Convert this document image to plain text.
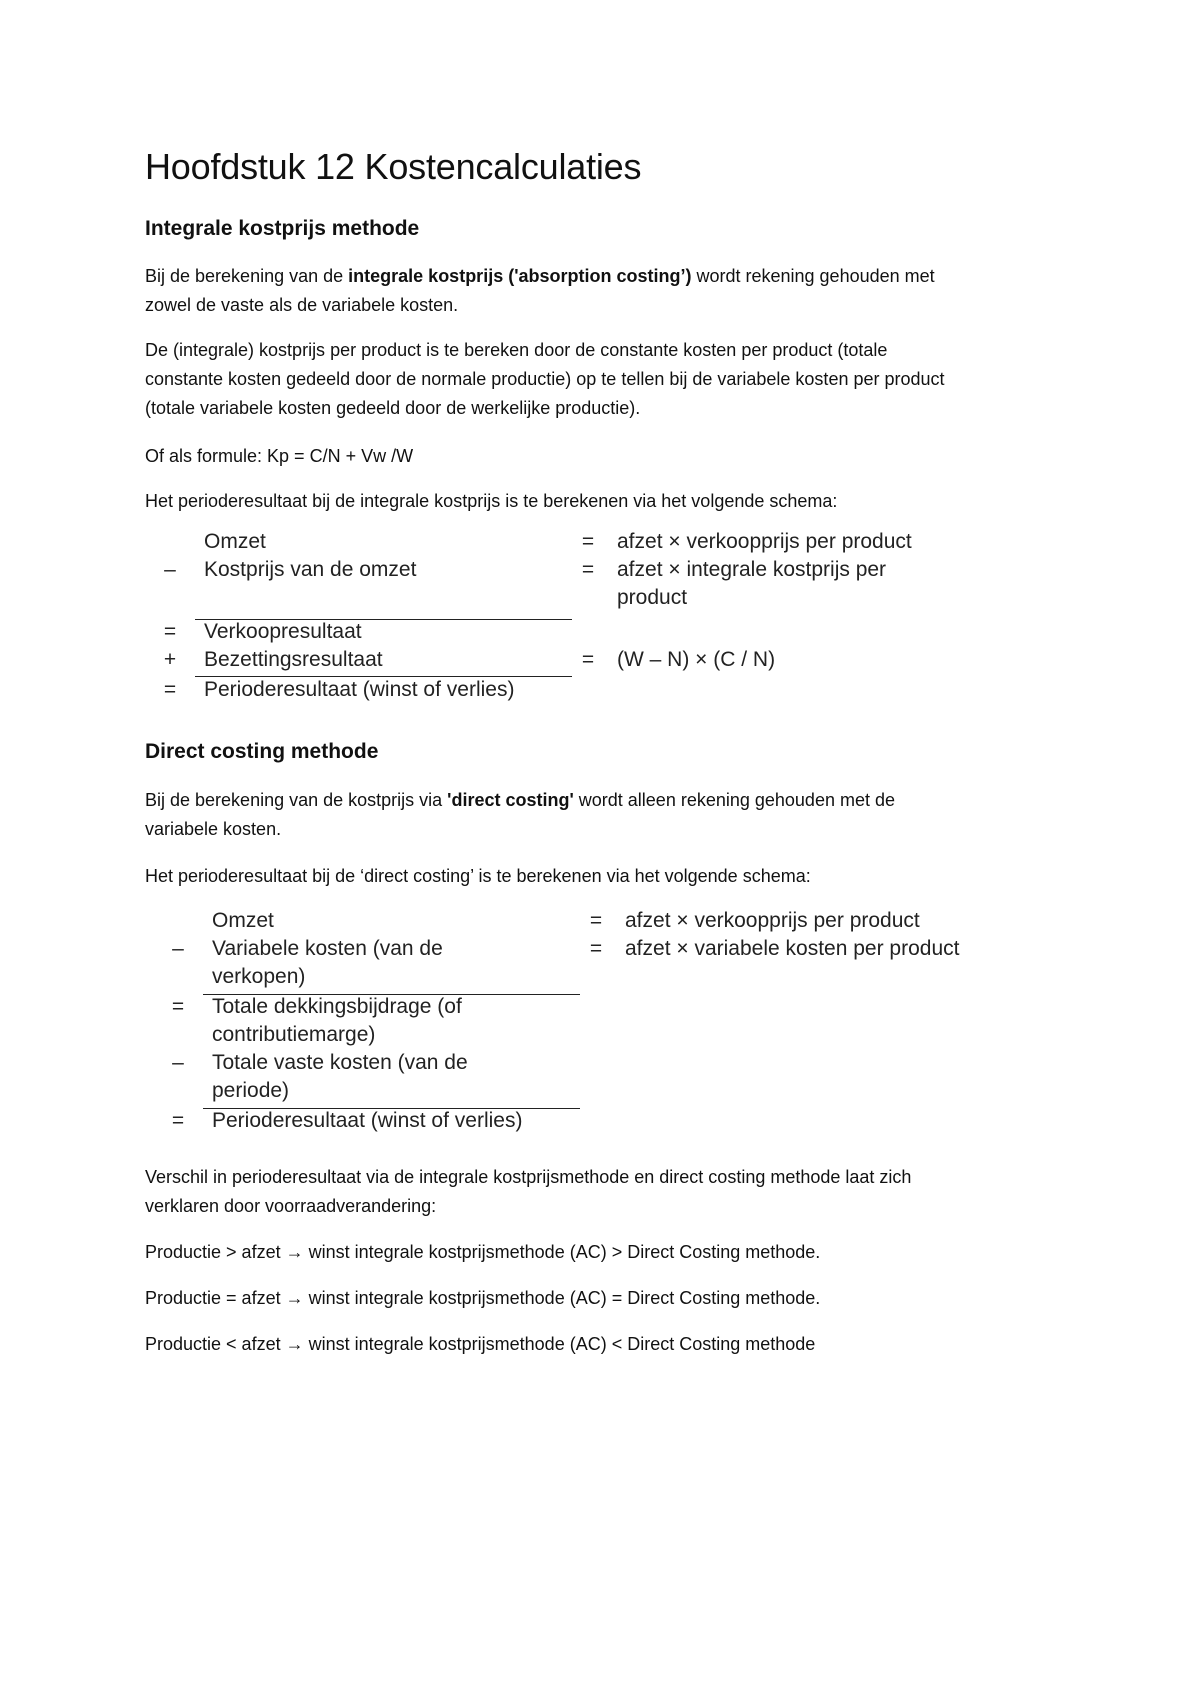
Hoofdstuk 12 Kostencalculaties
Integrale kostprijs methode

Bij de berekening van de integrale kostprijs ('absorption costing’) wordt rekening gehouden met
zowel de vaste als de variabele kosten.

De (integrale) kostprijs per product is te bereken door de constante kosten per product (totale
constante kosten gedeeld door de normale productie) op te tellen bij de variabele kosten per product
(totale variabele kosten gedeeld door de werkelijke productie).

Of als formule: Kp = C/N + Vw /W

Het perioderesultaat bij de integrale kostprijs is te berekenen via het volgende schema:

Omzet	= afzet × verkoopprijs per product
– Kostprijs van de omzet	= afzet × integrale kostprijs per
product
= Verkoopresultaat
+ Bezettingsresultaat	= (W – N) × (C / N)
= Perioderesultaat (winst of verlies)
Direct costing methode

Bij de berekening van de kostprijs via 'direct costing' wordt alleen rekening gehouden met de
variabele kosten.

Het perioderesultaat bij de ‘direct costing’ is te berekenen via het volgende schema:

Omzet	= afzet × verkoopprijs per product
– Variabele kosten (van de	= afzet × variabele kosten per product
verkopen)
= Totale dekkingsbijdrage (of
contributiemarge)
– Totale vaste kosten (van de
periode)
= Perioderesultaat (winst of verlies)

Verschil in perioderesultaat via de integrale kostprijsmethode en direct costing methode laat zich
verklaren door voorraadverandering:

Productie > afzet → winst integrale kostprijsmethode (AC) > Direct Costing methode.

Productie = afzet → winst integrale kostprijsmethode (AC) = Direct Costing methode.

Productie < afzet → winst integrale kostprijsmethode (AC) < Direct Costing methode
